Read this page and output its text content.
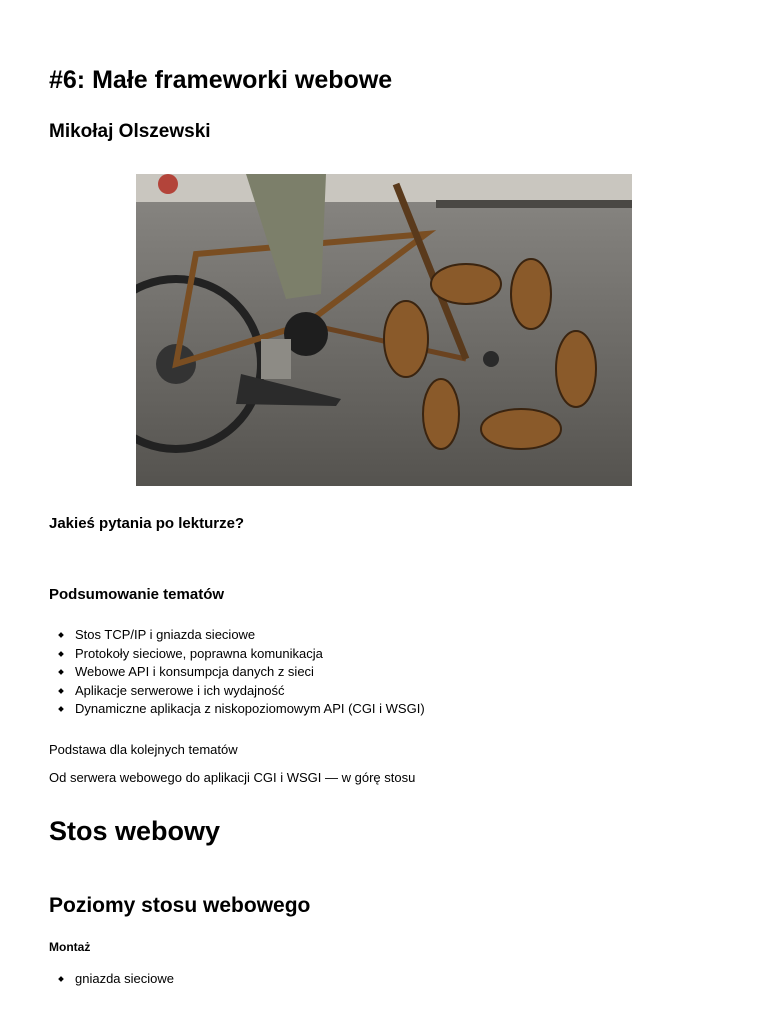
#6: Małe frameworki webowe
Mikołaj Olszewski
Jakieś pytania po lekturze?
Podsumowanie tematów
Stos TCP/IP i gniazda sieciowe
Protokoły sieciowe, poprawna komunikacja
Webowe API i konsumpcja danych z sieci
Aplikacje serwerowe i ich wydajność
Dynamiczne aplikacja z niskopoziomowym API (CGI i WSGI)

Podstawa dla kolejnych tematów

Od serwera webowego do aplikacji CGI i WSGI — w górę stosu

Stos webowy
Poziomy stosu webowego
Montaż
gniazda sieciowe
